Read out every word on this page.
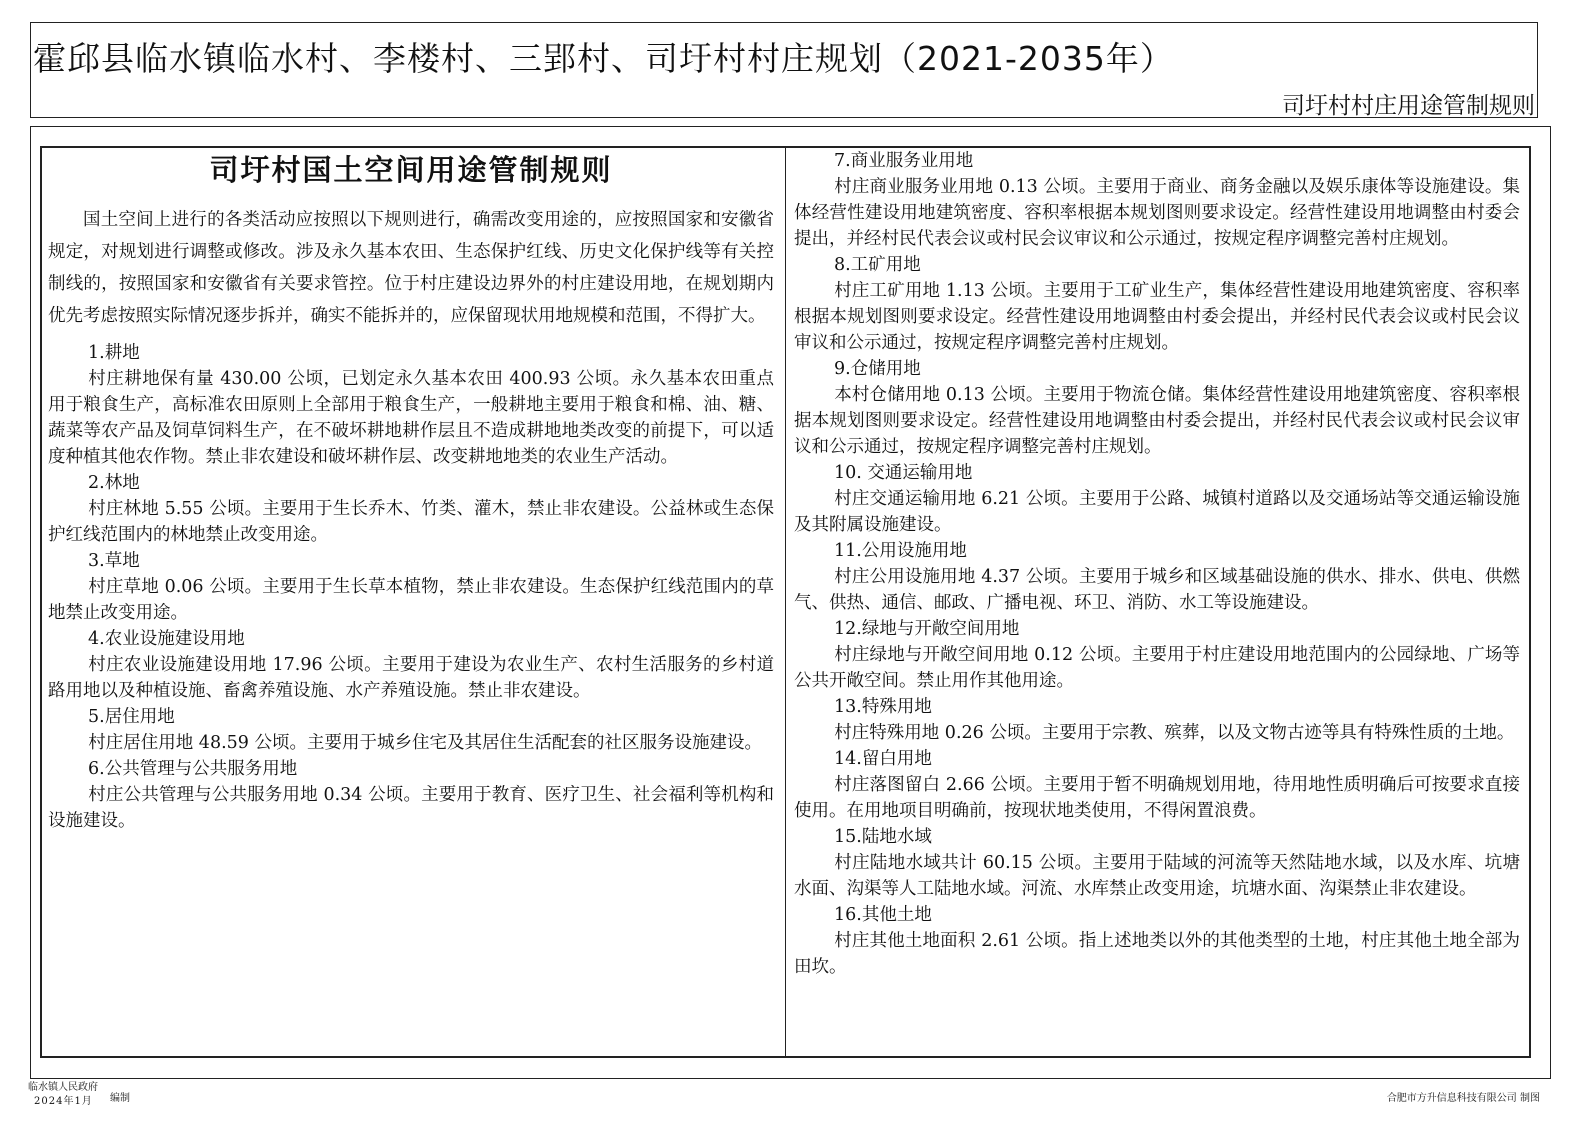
霍邱县临水镇临水村、李楼村、三郢村、司圩村村庄规划（2021-2035年）
司圩村村庄用途管制规则
司圩村国土空间用途管制规则

国土空间上进行的各类活动应按照以下规则进行，确需改变用途的，应按照国家和安徽省规定，对规划进行调整或修改。涉及永久基本农田、生态保护红线、历史文化保护线等有关控制线的，按照国家和安徽省有关要求管控。位于村庄建设边界外的村庄建设用地，在规划期内优先考虑按照实际情况逐步拆并，确实不能拆并的，应保留现状用地规模和范围，不得扩大。

1.耕地

村庄耕地保有量 430.00 公顷，已划定永久基本农田 400.93 公顷。永久基本农田重点用于粮食生产，高标准农田原则上全部用于粮食生产，一般耕地主要用于粮食和棉、油、糖、蔬菜等农产品及饲草饲料生产，在不破坏耕地耕作层且不造成耕地地类改变的前提下，可以适度种植其他农作物。禁止非农建设和破坏耕作层、改变耕地地类的农业生产活动。

2.林地

村庄林地 5.55 公顷。主要用于生长乔木、竹类、灌木，禁止非农建设。公益林或生态保护红线范围内的林地禁止改变用途。

3.草地

村庄草地 0.06 公顷。主要用于生长草本植物，禁止非农建设。生态保护红线范围内的草地禁止改变用途。

4.农业设施建设用地

村庄农业设施建设用地 17.96 公顷。主要用于建设为农业生产、农村生活服务的乡村道路用地以及种植设施、畜禽养殖设施、水产养殖设施。禁止非农建设。

5.居住用地

村庄居住用地 48.59 公顷。主要用于城乡住宅及其居住生活配套的社区服务设施建设。

6.公共管理与公共服务用地

村庄公共管理与公共服务用地 0.34 公顷。主要用于教育、医疗卫生、社会福利等机构和设施建设。

7.商业服务业用地

村庄商业服务业用地 0.13 公顷。主要用于商业、商务金融以及娱乐康体等设施建设。集体经营性建设用地建筑密度、容积率根据本规划图则要求设定。经营性建设用地调整由村委会提出，并经村民代表会议或村民会议审议和公示通过，按规定程序调整完善村庄规划。

8.工矿用地

村庄工矿用地 1.13 公顷。主要用于工矿业生产，集体经营性建设用地建筑密度、容积率根据本规划图则要求设定。经营性建设用地调整由村委会提出，并经村民代表会议或村民会议审议和公示通过，按规定程序调整完善村庄规划。

9.仓储用地

本村仓储用地 0.13 公顷。主要用于物流仓储。集体经营性建设用地建筑密度、容积率根据本规划图则要求设定。经营性建设用地调整由村委会提出，并经村民代表会议或村民会议审议和公示通过，按规定程序调整完善村庄规划。

10. 交通运输用地

村庄交通运输用地 6.21 公顷。主要用于公路、城镇村道路以及交通场站等交通运输设施及其附属设施建设。

11.公用设施用地

村庄公用设施用地 4.37 公顷。主要用于城乡和区域基础设施的供水、排水、供电、供燃气、供热、通信、邮政、广播电视、环卫、消防、水工等设施建设。

12.绿地与开敞空间用地

村庄绿地与开敞空间用地 0.12 公顷。主要用于村庄建设用地范围内的公园绿地、广场等公共开敞空间。禁止用作其他用途。

13.特殊用地

村庄特殊用地 0.26 公顷。主要用于宗教、殡葬，以及文物古迹等具有特殊性质的土地。

14.留白用地

村庄落图留白 2.66 公顷。主要用于暂不明确规划用地，待用地性质明确后可按要求直接使用。在用地项目明确前，按现状地类使用，不得闲置浪费。

15.陆地水域

村庄陆地水域共计 60.15 公顷。主要用于陆域的河流等天然陆地水域，以及水库、坑塘水面、沟渠等人工陆地水域。河流、水库禁止改变用途，坑塘水面、沟渠禁止非农建设。

16.其他土地

村庄其他土地面积 2.61 公顷。指上述地类以外的其他类型的土地，村庄其他土地全部为田坎。

临水镇人民政府
2024年1月	编制	合肥市方升信息科技有限公司 制图
